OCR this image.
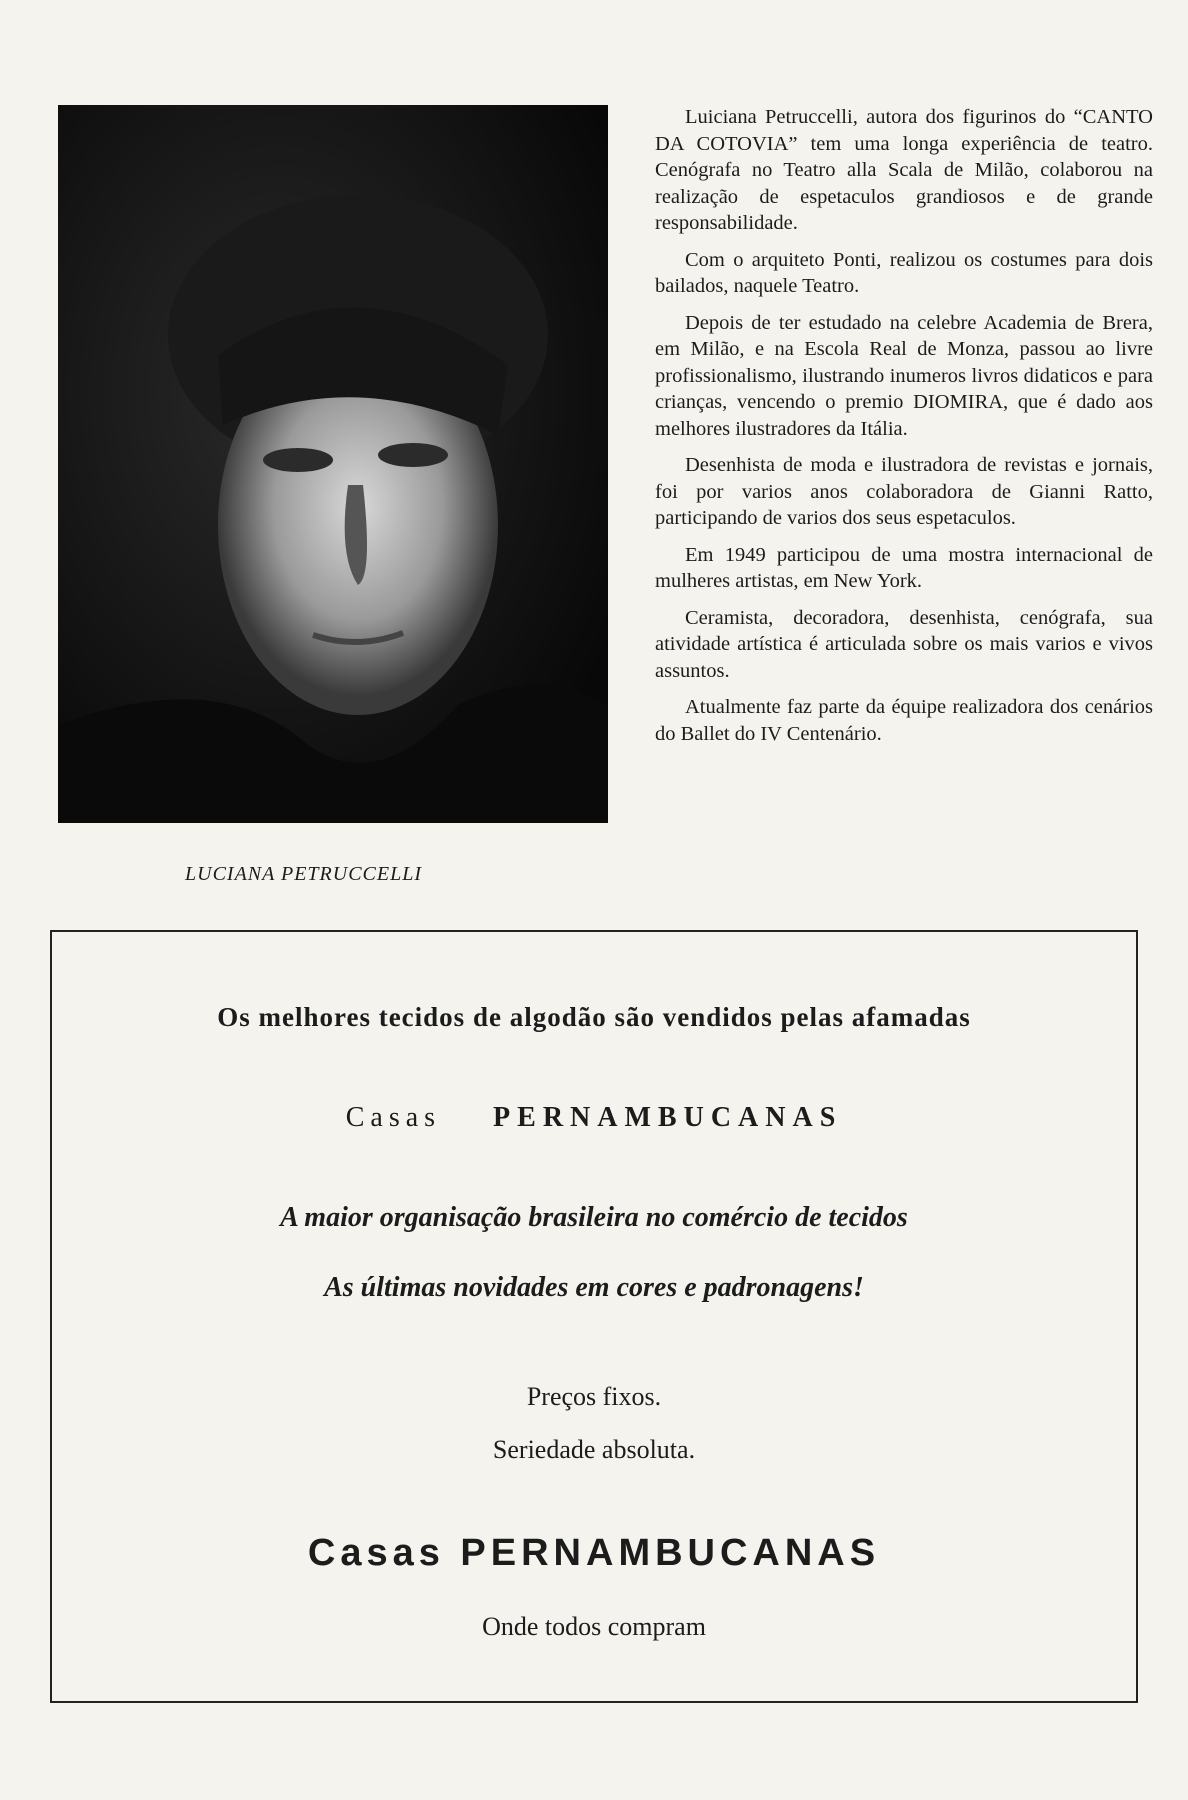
LUCIANA PETRUCCELLI

Luiciana Petruccelli, autora dos figurinos do “CANTO DA COTOVIA” tem uma longa experiência de teatro. Cenógrafa no Teatro alla Scala de Milão, colaborou na realização de espetaculos grandiosos e de grande responsabilidade.

Com o arquiteto Ponti, realizou os costumes para dois bailados, naquele Teatro.

Depois de ter estudado na celebre Academia de Brera, em Milão, e na Escola Real de Monza, passou ao livre profissionalismo, ilustrando inumeros livros didaticos e para crianças, vencendo o premio DIOMIRA, que é dado aos melhores ilustradores da Itália.

Desenhista de moda e ilustradora de revistas e jornais, foi por varios anos colaboradora de Gianni Ratto, participando de varios dos seus espetaculos.

Em 1949 participou de uma mostra internacional de mulheres artistas, em New York.

Ceramista, decoradora, desenhista, cenógrafa, sua atividade artística é articulada sobre os mais varios e vivos assuntos.

Atualmente faz parte da équipe realizadora dos cenários do Ballet do IV Centenário.

Os melhores tecidos de algodão são vendidos pelas afamadas
Casas PERNAMBUCANAS
A maior organisação brasileira no comércio de tecidos
As últimas novidades em cores e padronagens!
Preços fixos.
Seriedade absoluta.
Casas PERNAMBUCANAS
Onde todos compram
